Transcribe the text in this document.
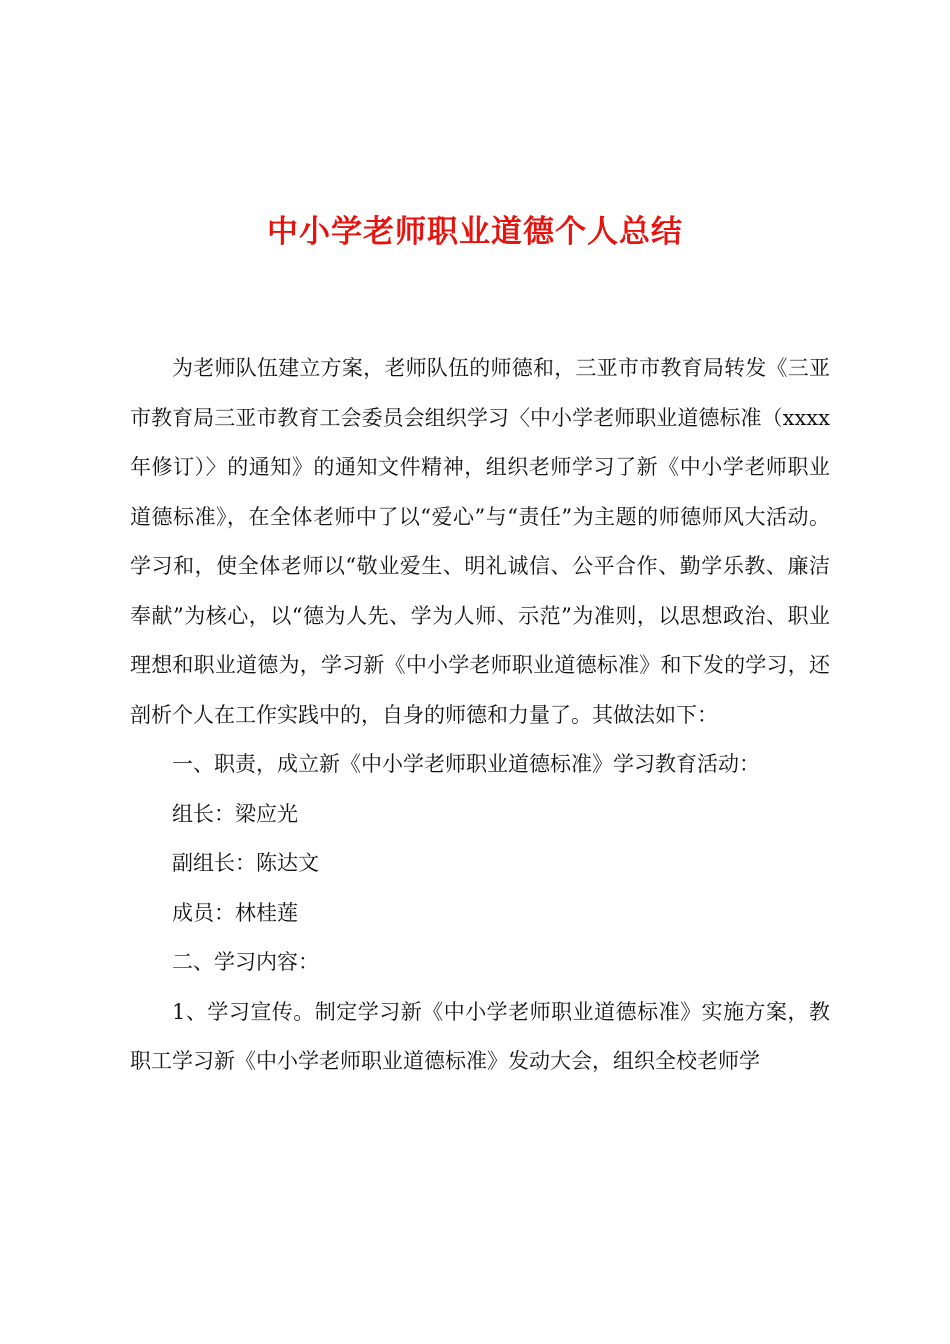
中小学老师职业道德个人总结

为老师队伍建立方案，老师队伍的师德和，三亚市市教育局转发《三亚市教育局三亚市教育工会委员会组织学习〈中小学老师职业道德标准（xxxx年修订）〉的通知》的通知文件精神，组织老师学习了新《中小学老师职业道德标准》，在全体老师中了以“爱心”与“责任”为主题的师德师风大活动。学习和，使全体老师以“敬业爱生、明礼诚信、公平合作、勤学乐教、廉洁奉献”为核心，以“德为人先、学为人师、示范”为准则，以思想政治、职业理想和职业道德为，学习新《中小学老师职业道德标准》和下发的学习，还剖析个人在工作实践中的，自身的师德和力量了。其做法如下：

一、职责，成立新《中小学老师职业道德标准》学习教育活动：

组长：梁应光

副组长：陈达文

成员：林桂莲

二、学习内容：

1、学习宣传。制定学习新《中小学老师职业道德标准》实施方案，教职工学习新《中小学老师职业道德标准》发动大会，组织全校老师学
